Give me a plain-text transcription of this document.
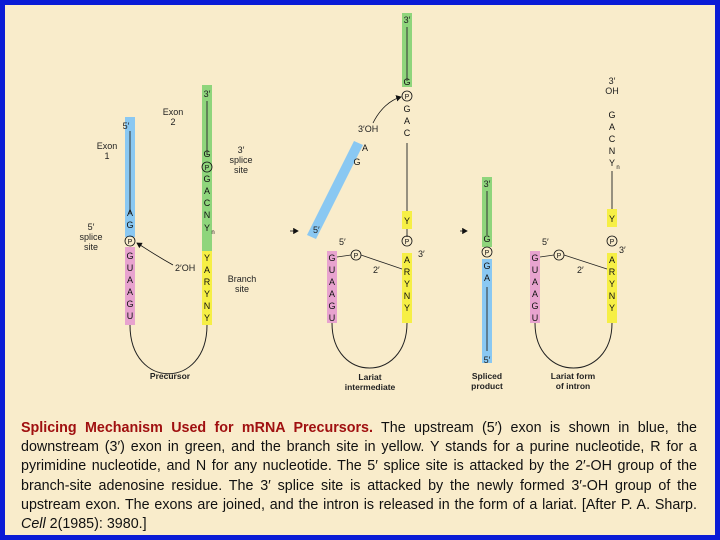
5′
A
G
P
G
U
A
A
G
U
3′
G
P
G
A
C
N
Y n
Y
A
R
Y
N
Y
2′OH
Exon 2
Exon 1
3′ splice site
5′ splice site
Branch site
Precursor
3′
G
P
G
A
C
Y
5′
G
A
3′OH
P
A
R
Y
N
Y
3′
G
U
A
A
G
U
5′
P
2′
Lariat intermediate
3′
G
P
G
A
5′
Spliced product
3′ OH
G
A
C
N
Y n
Y
P
3′
A
R
Y
N
Y
G
U
A
A
G
U
5′
P
2′
Lariat form of intron
Splicing Mechanism Used for mRNA Precursors. The upstream (5′) exon is shown in blue, the downstream (3′) exon in green, and the branch site in yellow. Y stands for a purine nucleotide, R for a pyrimidine nucleotide, and N for any nucleotide. The 5′ splice site is attacked by the 2′-OH group of the branch-site adenosine residue. The 3′ splice site is attacked by the newly formed 3′-OH group of the upstream exon. The exons are joined, and the intron is released in the form of a lariat. [After P. A. Sharp. Cell 2(1985): 3980.]
